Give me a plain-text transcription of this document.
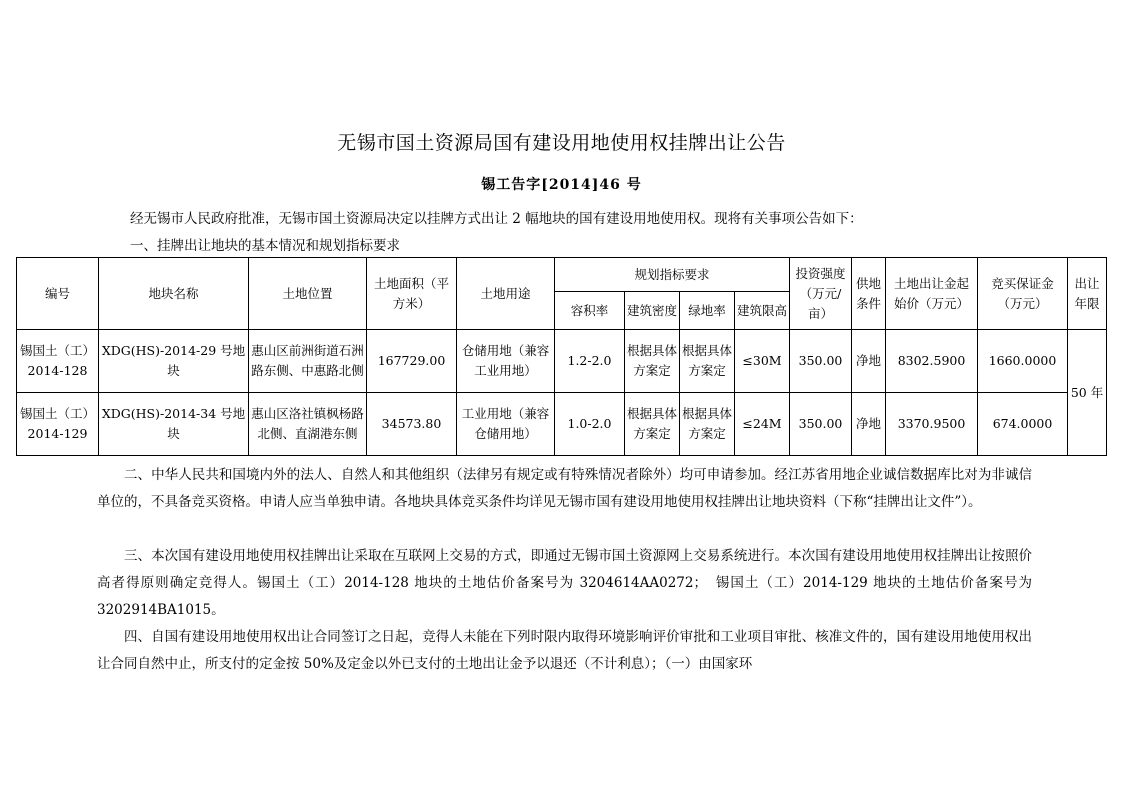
无锡市国土资源局国有建设用地使用权挂牌出让公告
锡工告字[2014]46 号
经无锡市人民政府批准，无锡市国土资源局决定以挂牌方式出让 2 幅地块的国有建设用地使用权。现将有关事项公告如下：
一、挂牌出让地块的基本情况和规划指标要求
编号	地块名称	土地位置	土地面积（平方米）	土地用途	规划指标要求				投资强度（万元/亩）	供地条件	土地出让金起始价（万元）	竞买保证金（万元）	出让年限
					容积率	建筑密度	绿地率	建筑限高					
锡国土（工）2014-128	XDG(HS)-2014-29 号地块	惠山区前洲街道石洲路东侧、中惠路北侧	167729.00	仓储用地（兼容工业用地）	1.2-2.0	根据具体方案定	根据具体方案定	≤30M	350.00	净地	8302.5900	1660.0000	50 年
锡国土（工）2014-129	XDG(HS)-2014-34 号地块	惠山区洛社镇枫杨路北侧、直湖港东侧	34573.80	工业用地（兼容仓储用地）	1.0-2.0	根据具体方案定	根据具体方案定	≤24M	350.00	净地	3370.9500	674.0000	
二、中华人民共和国境内外的法人、自然人和其他组织（法律另有规定或有特殊情况者除外）均可申请参加。经江苏省用地企业诚信数据库比对为非诚信单位的，不具备竞买资格。申请人应当单独申请。各地块具体竞买条件均详见无锡市国有建设用地使用权挂牌出让地块资料（下称“挂牌出让文件”）。
三、本次国有建设用地使用权挂牌出让采取在互联网上交易的方式，即通过无锡市国土资源网上交易系统进行。本次国有建设用地使用权挂牌出让按照价高者得原则确定竞得人。锡国土（工）2014-128 地块的土地估价备案号为 3204614AA0272；　锡国土（工）2014-129 地块的土地估价备案号为 3202914BA1015。
四、自国有建设用地使用权出让合同签订之日起，竞得人未能在下列时限内取得环境影响评价审批和工业项目审批、核准文件的，国有建设用地使用权出让合同自然中止，所支付的定金按 50%及定金以外已支付的土地出让金予以退还（不计利息）；（一）由国家环
